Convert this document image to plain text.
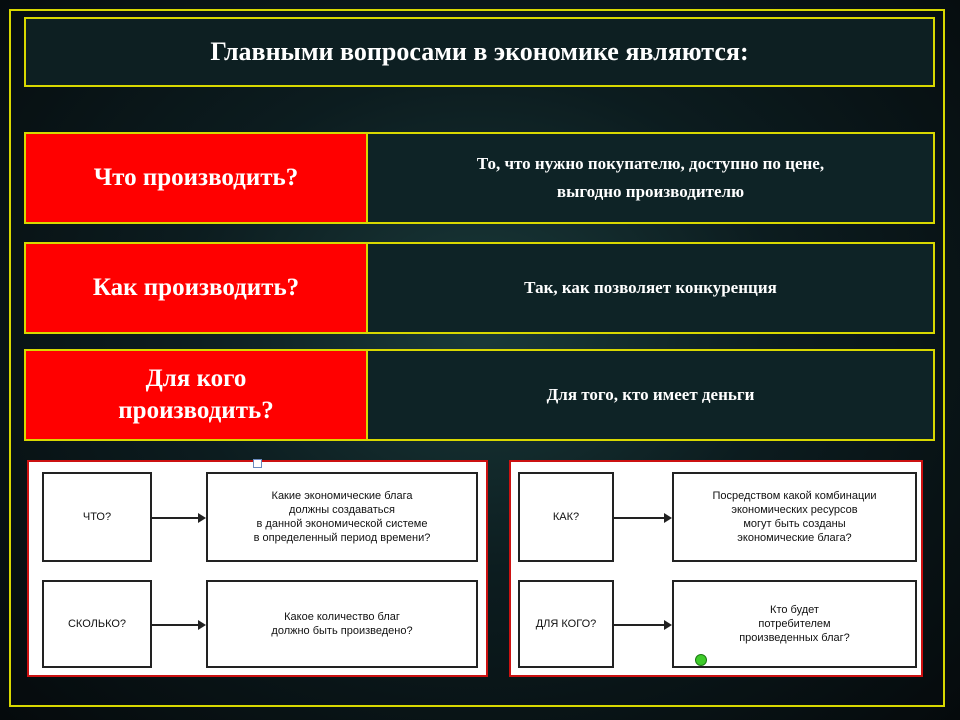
Главными вопросами в экономике являются:
Что производить?
То, что нужно покупателю, доступно по цене,
выгодно производителю
Как производить?	Так, как позволяет конкуренция
Для кого
производить?
Для того, кто имеет деньги
ЧТО?
Какие экономические блага
должны создаваться
в данной экономической системе
в определенный период времени?
СКОЛЬКО?
Какое количество благ
должно быть произведено?
КАК?
Посредством какой комбинации
экономических ресурсов
могут быть созданы
экономические блага?
ДЛЯ КОГО?
Кто будет
потребителем
произведенных благ?
